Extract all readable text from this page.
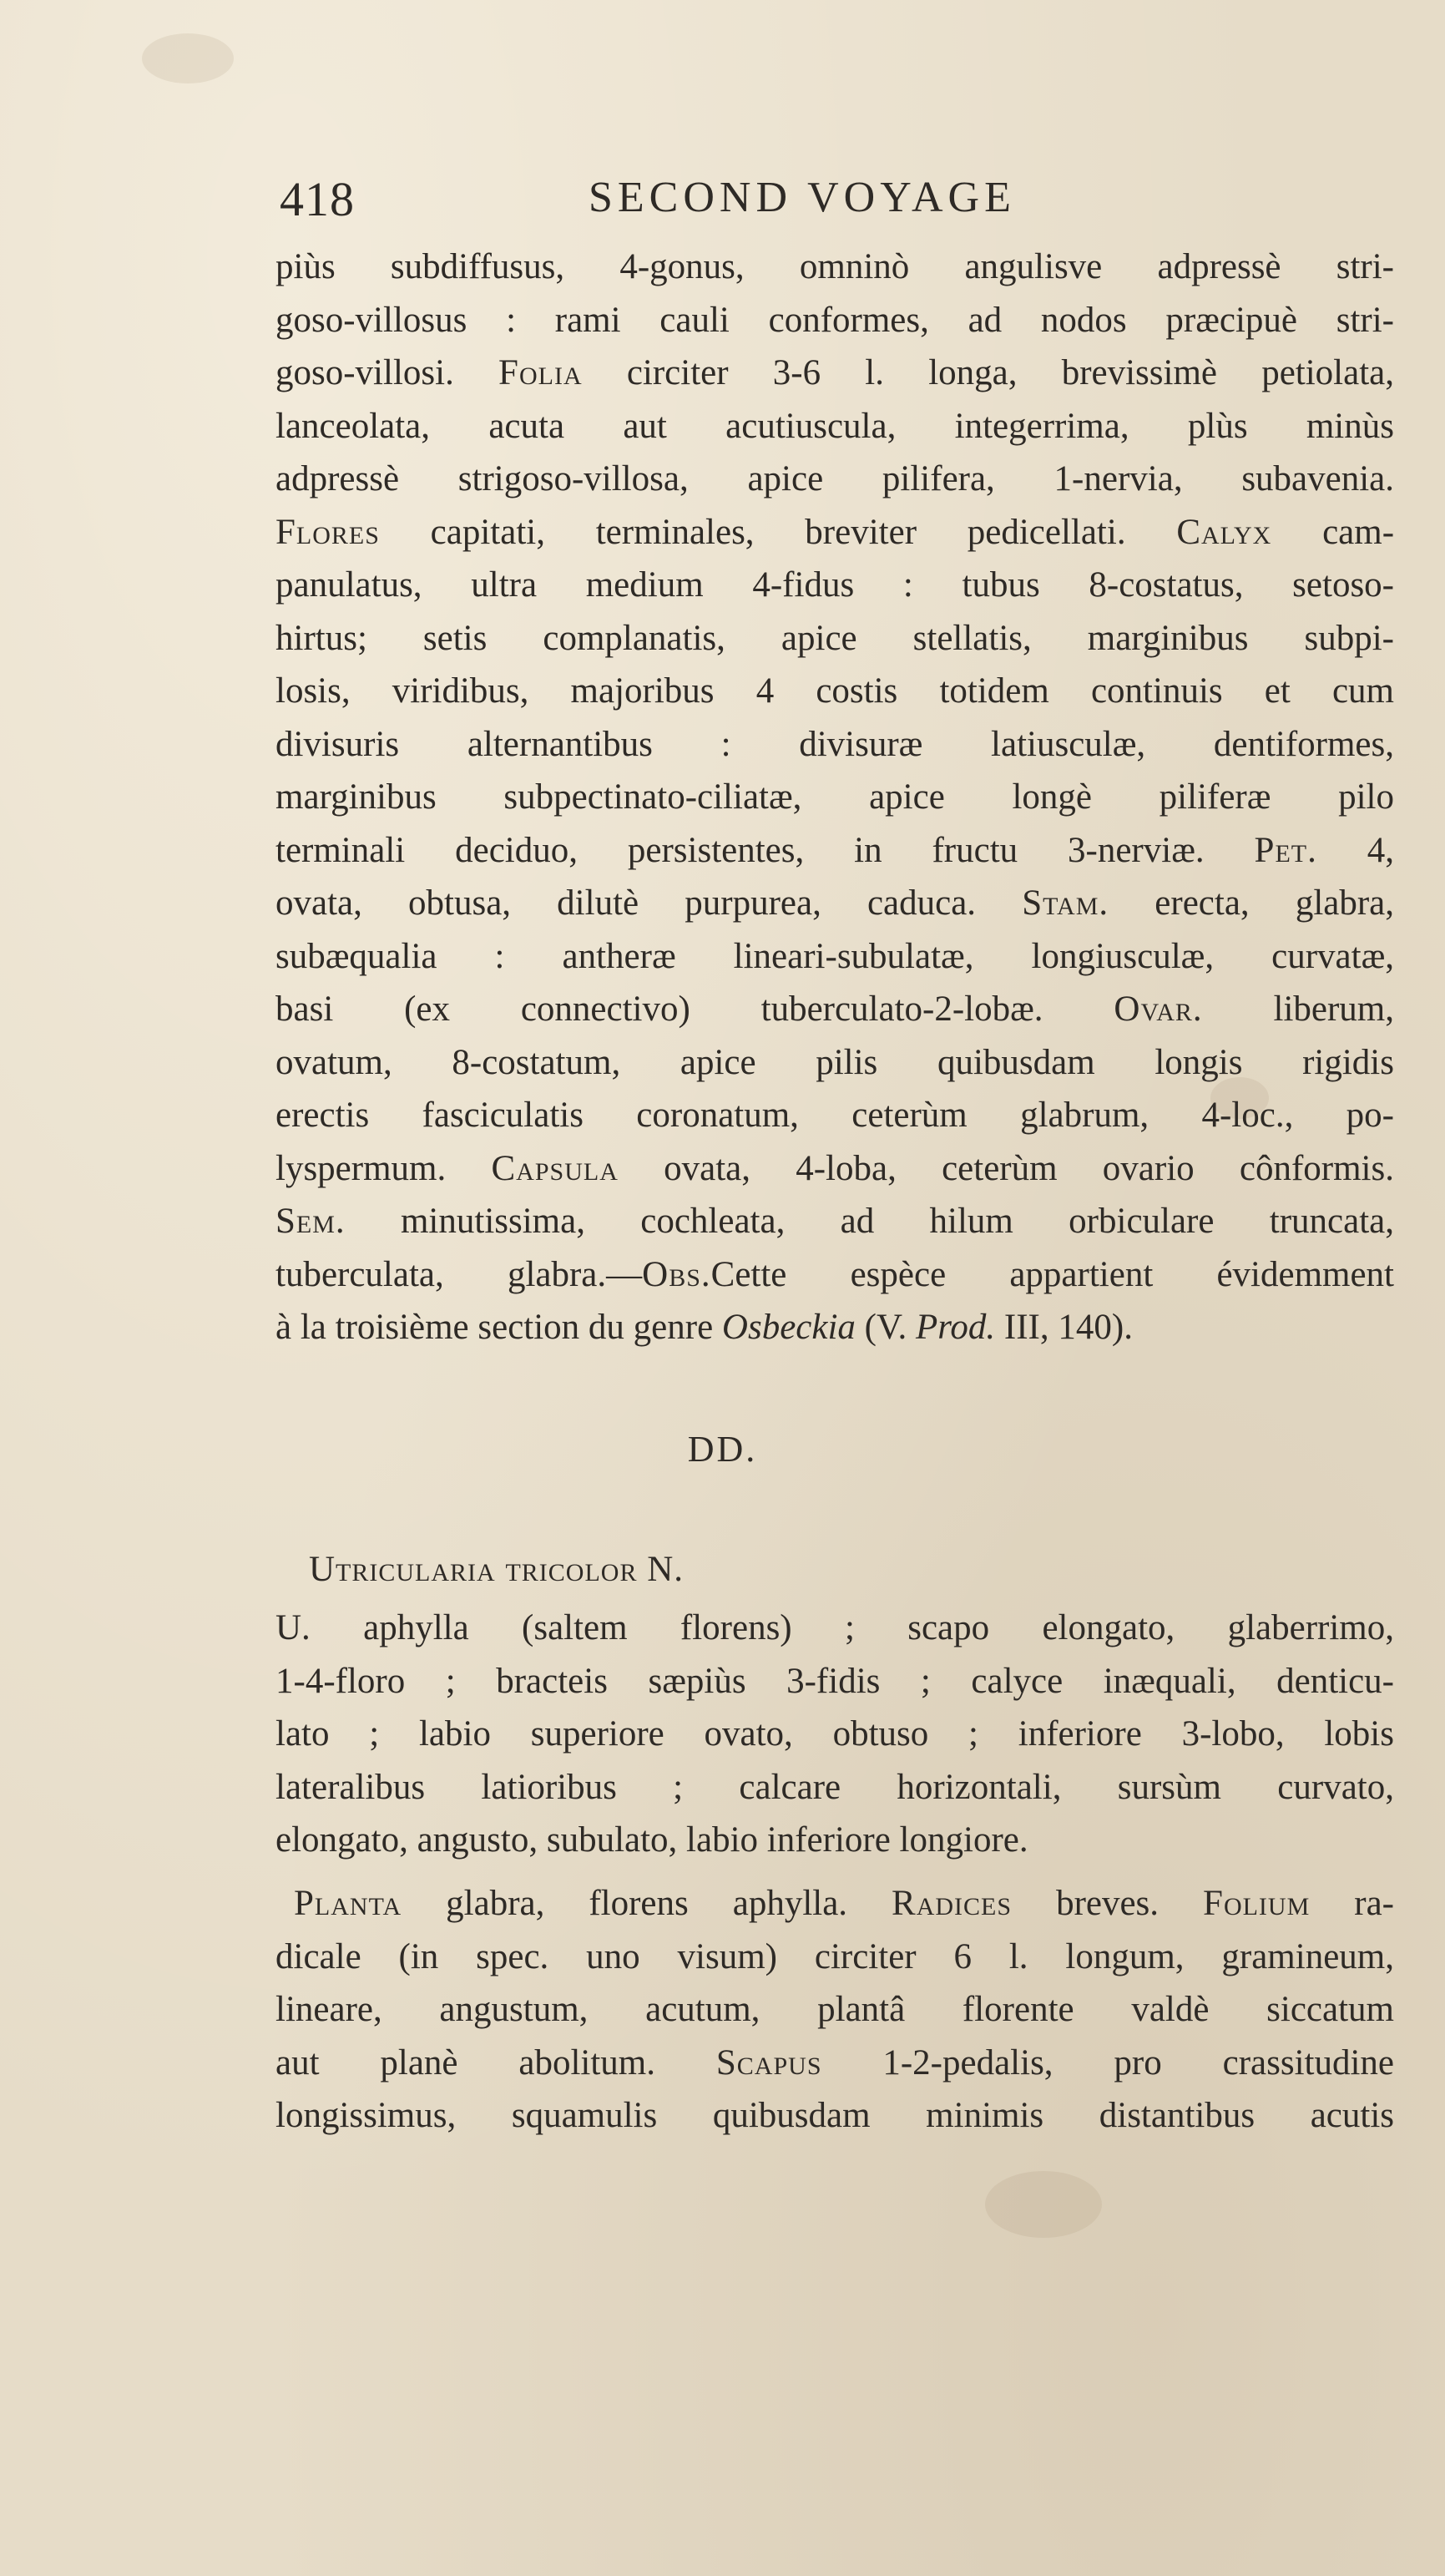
418	SECOND VOYAGE
piùs subdiffusus, 4-gonus, omninò angulisve adpressè stri-
goso-villosus : rami cauli conformes, ad nodos præcipuè stri-
goso-villosi. Folia circiter 3-6 l. longa, brevissimè petiolata,
lanceolata, acuta aut acutiuscula, integerrima, plùs minùs
adpressè strigoso-villosa, apice pilifera, 1-nervia, subavenia.
Flores capitati, terminales, breviter pedicellati. Calyx cam-
panulatus, ultra medium 4-fidus : tubus 8-costatus, setoso-
hirtus; setis complanatis, apice stellatis, marginibus subpi-
losis, viridibus, majoribus 4 costis totidem continuis et cum
divisuris alternantibus : divisuræ latiusculæ, dentiformes,
marginibus subpectinato-ciliatæ, apice longè piliferæ pilo
terminali deciduo, persistentes, in fructu 3-nerviæ. Pet. 4,
ovata, obtusa, dilutè purpurea, caduca. Stam. erecta, glabra,
subæqualia : antheræ lineari-subulatæ, longiusculæ, curvatæ,
basi (ex connectivo) tuberculato-2-lobæ. Ovar. liberum,
ovatum, 8-costatum, apice pilis quibusdam longis rigidis
erectis fasciculatis coronatum, ceterùm glabrum, 4-loc., po-
lyspermum. Capsula ovata, 4-loba, ceterùm ovario cônformis.
Sem. minutissima, cochleata, ad hilum orbiculare truncata,
tuberculata, glabra.—Obs.Cette espèce appartient évidemment
à la troisième section du genre Osbeckia (V. Prod. III, 140).
DD.
Utricularia tricolor N.
U. aphylla (saltem florens) ; scapo elongato, glaberrimo,
1-4-floro ; bracteis sæpiùs 3-fidis ; calyce inæquali, denticu-
lato ; labio superiore ovato, obtuso ; inferiore 3-lobo, lobis
lateralibus latioribus ; calcare horizontali, sursùm curvato,
elongato, angusto, subulato, labio inferiore longiore.
Planta glabra, florens aphylla. Radices breves. Folium ra-
dicale (in spec. uno visum) circiter 6 l. longum, gramineum,
lineare, angustum, acutum, plantâ florente valdè siccatum
aut planè abolitum. Scapus 1-2-pedalis, pro crassitudine
longissimus, squamulis quibusdam minimis distantibus acutis
